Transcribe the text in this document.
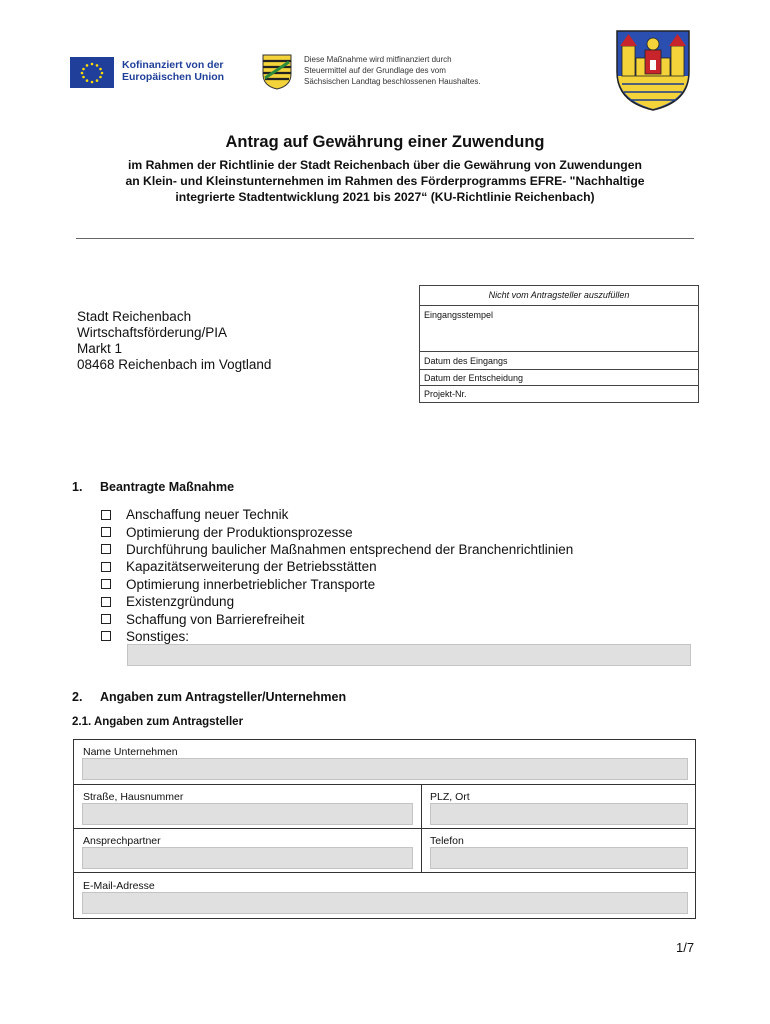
Kofinanziert von der
Europäischen Union
Diese Maßnahme wird mitfinanziert durch
Steuermittel auf der Grundlage des vom
Sächsischen Landtag beschlossenen Haushaltes.
Antrag auf Gewährung einer Zuwendung
im Rahmen der Richtlinie der Stadt Reichenbach über die Gewährung von Zuwendungen
an Klein- und Kleinstunternehmen im Rahmen des Förderprogramms EFRE- "Nachhaltige
integrierte Stadtentwicklung 2021 bis 2027“ (KU-Richtlinie Reichenbach)
Stadt Reichenbach
Wirtschaftsförderung/PIA
Markt 1
08468 Reichenbach im Vogtland
Nicht vom Antragsteller auszufüllen
Eingangsstempel
Datum des Eingangs
Datum der Entscheidung
Projekt-Nr.
1. Beantragte Maßnahme
Anschaffung neuer Technik
Optimierung der Produktionsprozesse
Durchführung baulicher Maßnahmen entsprechend der Branchenrichtlinien
Kapazitätserweiterung der Betriebsstätten
Optimierung innerbetrieblicher Transporte
Existenzgründung
Schaffung von Barrierefreiheit
Sonstiges:
2. Angaben zum Antragsteller/Unternehmen
2.1. Angaben zum Antragsteller
Name Unternehmen
Straße, Hausnummer	PLZ, Ort
Ansprechpartner	Telefon
E-Mail-Adresse
1/7
